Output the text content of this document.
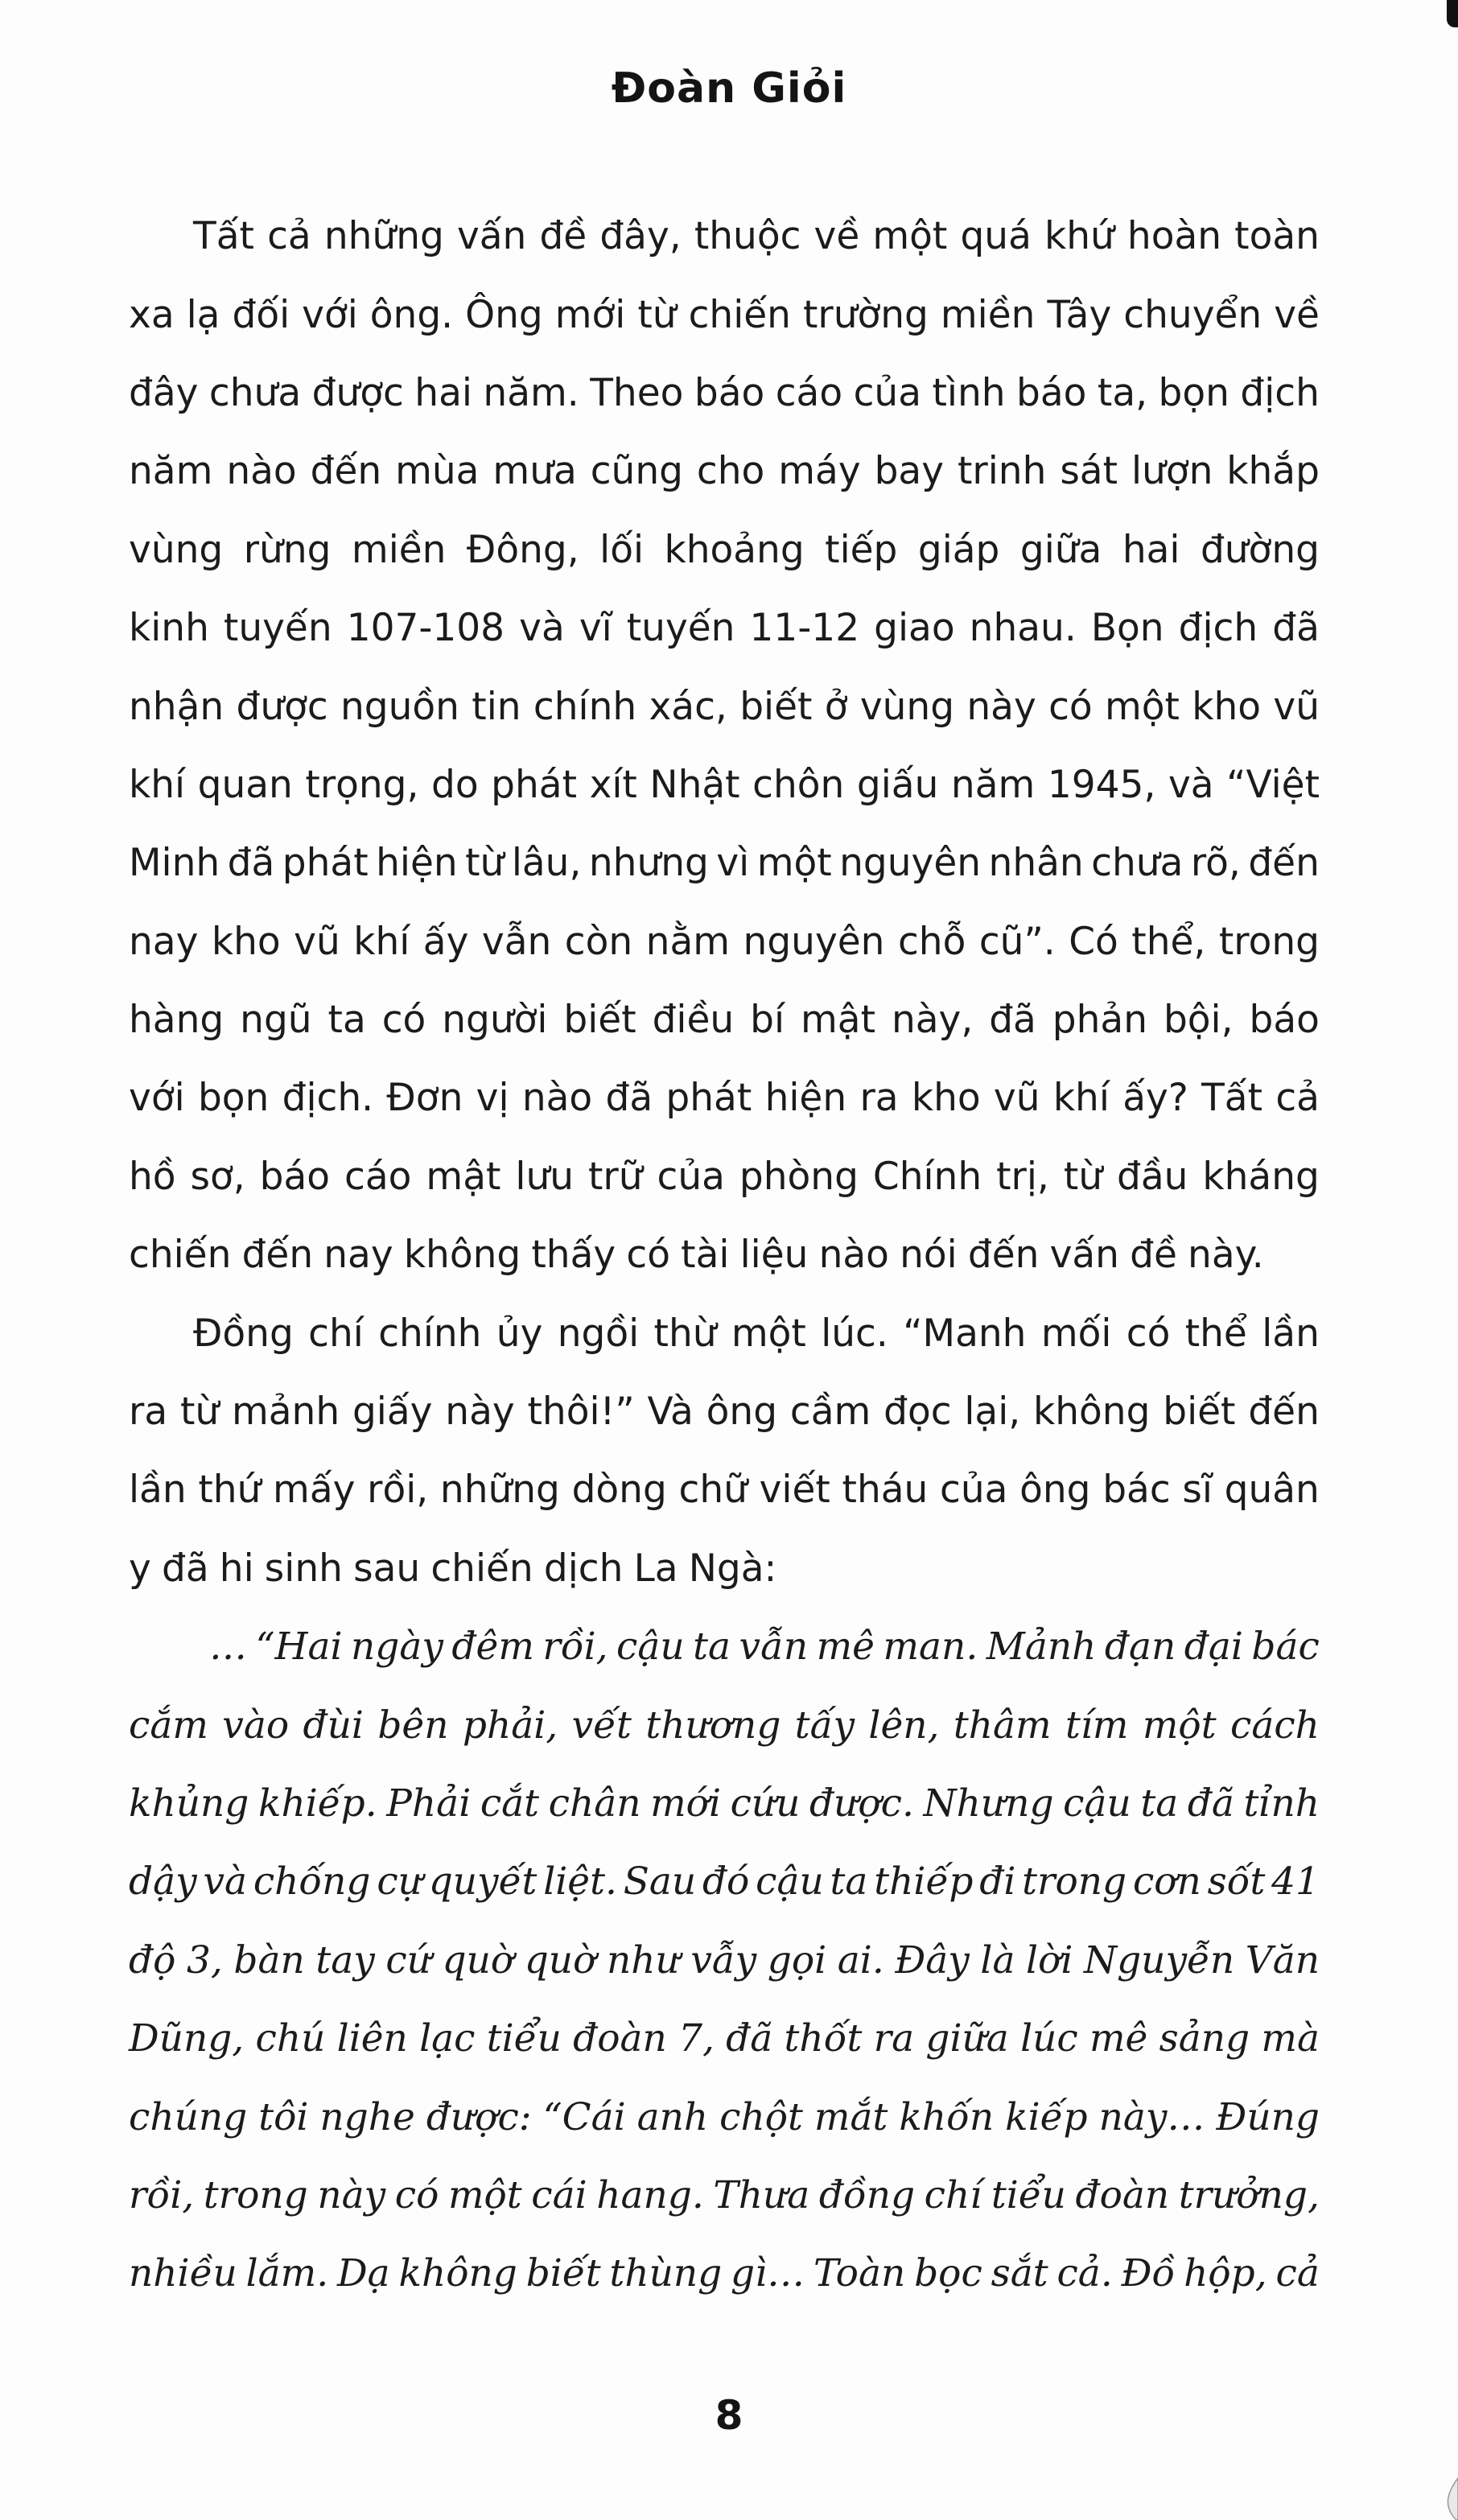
Đoàn Giỏi
Tất cả những vấn đề đây, thuộc về một quá khứ hoàn toàn
xa lạ đối với ông. Ông mới từ chiến trường miền Tây chuyển về
đây chưa được hai năm. Theo báo cáo của tình báo ta, bọn địch
năm nào đến mùa mưa cũng cho máy bay trinh sát lượn khắp
vùng rừng miền Đông, lối khoảng tiếp giáp giữa hai đường
kinh tuyến 107-108 và vĩ tuyến 11-12 giao nhau. Bọn địch đã
nhận được nguồn tin chính xác, biết ở vùng này có một kho vũ
khí quan trọng, do phát xít Nhật chôn giấu năm 1945, và “Việt
Minh đã phát hiện từ lâu, nhưng vì một nguyên nhân chưa rõ, đến
nay kho vũ khí ấy vẫn còn nằm nguyên chỗ cũ”. Có thể, trong
hàng ngũ ta có người biết điều bí mật này, đã phản bội, báo
với bọn địch. Đơn vị nào đã phát hiện ra kho vũ khí ấy? Tất cả
hồ sơ, báo cáo mật lưu trữ của phòng Chính trị, từ đầu kháng
chiến đến nay không thấy có tài liệu nào nói đến vấn đề này.
Đồng chí chính ủy ngồi thừ một lúc. “Manh mối có thể lần
ra từ mảnh giấy này thôi!” Và ông cầm đọc lại, không biết đến
lần thứ mấy rồi, những dòng chữ viết tháu của ông bác sĩ quân
y đã hi sinh sau chiến dịch La Ngà:
… “Hai ngày đêm rồi, cậu ta vẫn mê man. Mảnh đạn đại bác
cắm vào đùi bên phải, vết thương tấy lên, thâm tím một cách
khủng khiếp. Phải cắt chân mới cứu được. Nhưng cậu ta đã tỉnh
dậy và chống cự quyết liệt. Sau đó cậu ta thiếp đi trong cơn sốt 41
độ 3, bàn tay cứ quờ quờ như vẫy gọi ai. Đây là lời Nguyễn Văn
Dũng, chú liên lạc tiểu đoàn 7, đã thốt ra giữa lúc mê sảng mà
chúng tôi nghe được: “Cái anh chột mắt khốn kiếp này… Đúng
rồi, trong này có một cái hang. Thưa đồng chí tiểu đoàn trưởng,
nhiều lắm. Dạ không biết thùng gì… Toàn bọc sắt cả. Đồ hộp, cả
8
